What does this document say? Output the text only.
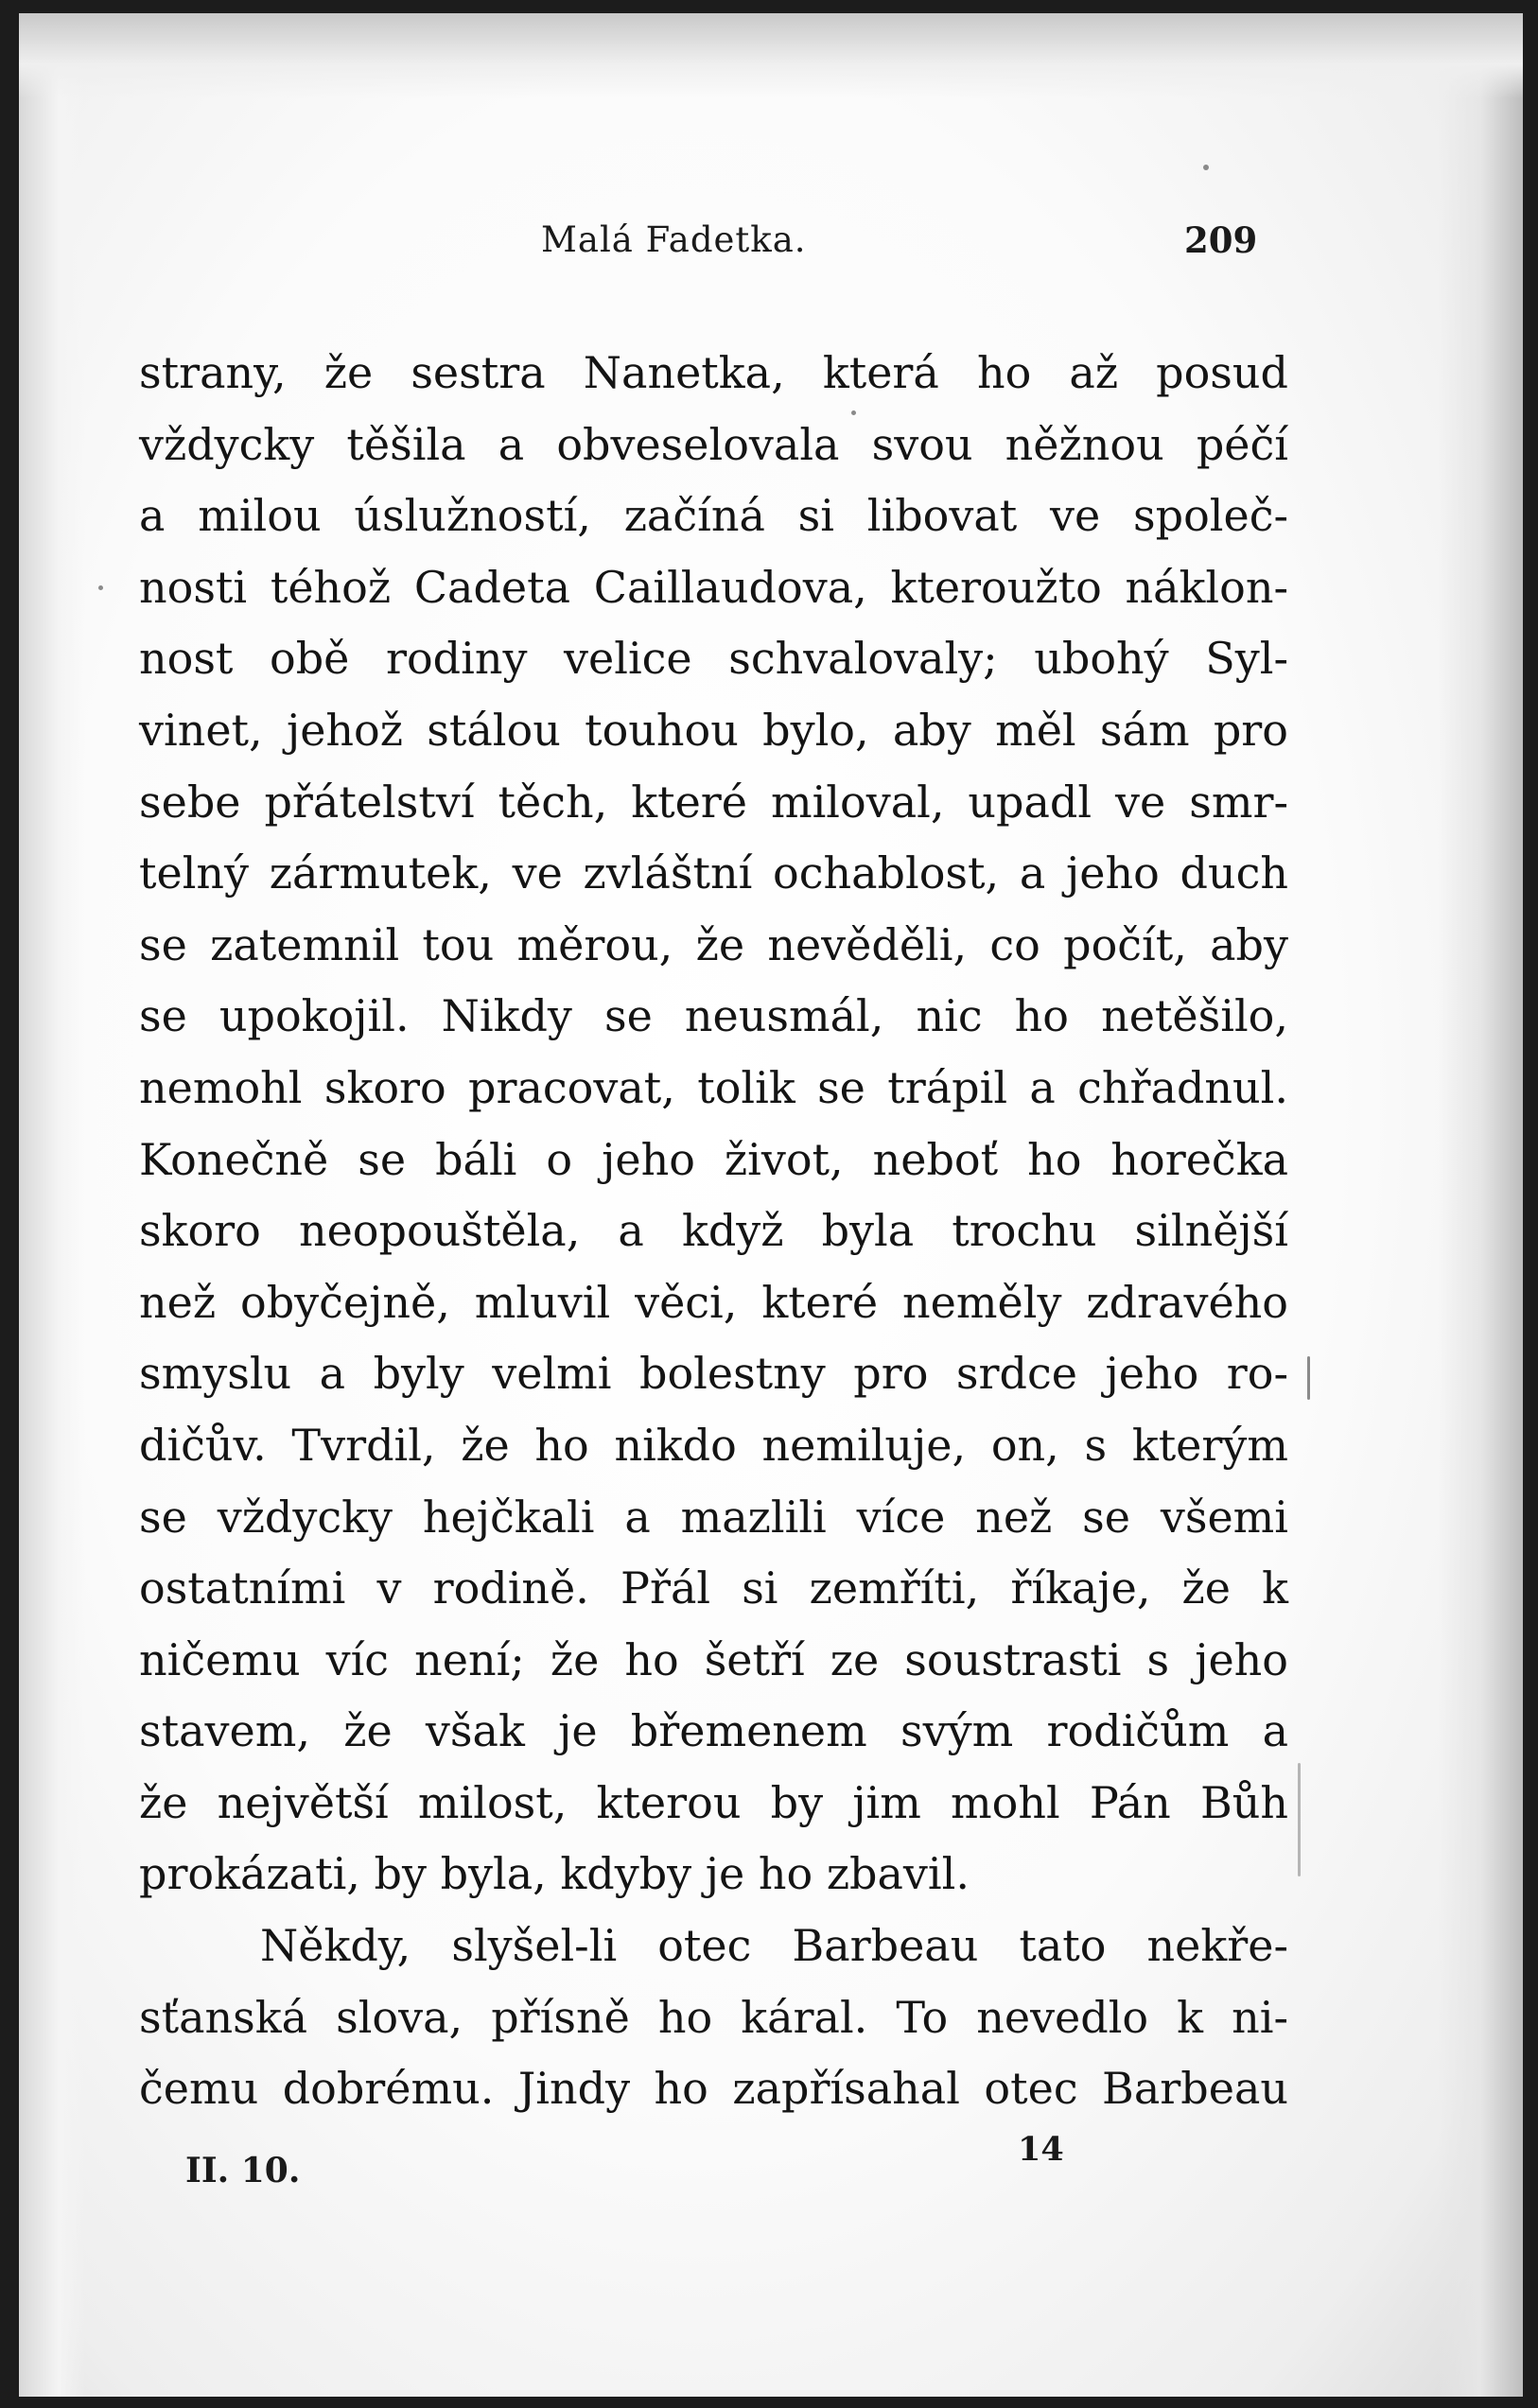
Malá Fadetka.	209
strany, že sestra Nanetka, která ho až posud
vždycky těšila a obveselovala svou něžnou péčí
a milou úslužností, začíná si libovat ve společ-
nosti téhož Cadeta Caillaudova, kteroužto náklon-
nost obě rodiny velice schvalovaly; ubohý Syl-
vinet, jehož stálou touhou bylo, aby měl sám pro
sebe přátelství těch, které miloval, upadl ve smr-
telný zármutek, ve zvláštní ochablost, a jeho duch
se zatemnil tou měrou, že nevěděli, co počít, aby
se upokojil. Nikdy se neusmál, nic ho netěšilo,
nemohl skoro pracovat, tolik se trápil a chřadnul.
Konečně se báli o jeho život, neboť ho horečka
skoro neopouštěla, a když byla trochu silnější
než obyčejně, mluvil věci, které neměly zdravého
smyslu a byly velmi bolestny pro srdce jeho ro-
dičův. Tvrdil, že ho nikdo nemiluje, on, s kterým
se vždycky hejčkali a mazlili více než se všemi
ostatními v rodině. Přál si zemříti, říkaje, že k
ničemu víc není; že ho šetří ze soustrasti s jeho
stavem, že však je břemenem svým rodičům a
že největší milost, kterou by jim mohl Pán Bůh
prokázati, by byla, kdyby je ho zbavil.
Někdy, slyšel-li otec Barbeau tato nekře-
sťanská slova, přísně ho káral. To nevedlo k ni-
čemu dobrému. Jindy ho zapřísahal otec Barbeau
II. 10.
14
